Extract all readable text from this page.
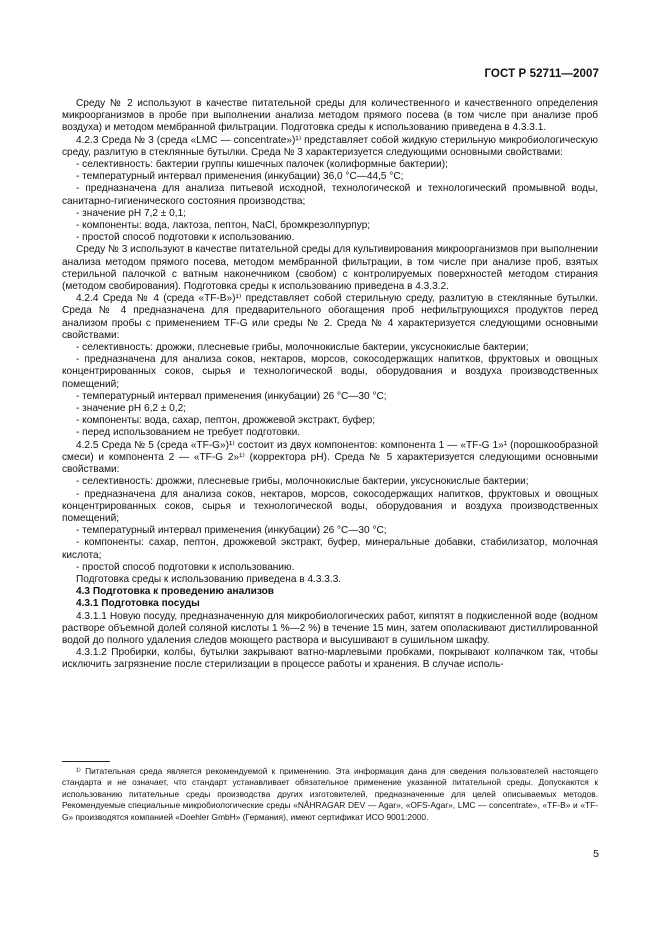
ГОСТ Р 52711—2007

Среду № 2 используют в качестве питательной среды для количественного и качественного определения микроорганизмов в пробе при выполнении анализа методом прямого посева (в том числе при анализе проб воздуха) и методом мембранной фильтрации. Подготовка среды к использованию приведена в 4.3.3.1.

4.2.3 Среда № 3 (среда «LMC — concentrate»)¹⁾ представляет собой жидкую стерильную микробиологическую среду, разлитую в стеклянные бутылки. Среда № 3 характеризуется следующими основными свойствами:

- селективность: бактерии группы кишечных палочек (колиформные бактерии);

- температурный интервал применения (инкубации) 36,0 °С—44,5 °С;

- предназначена для анализа питьевой исходной, технологической и технологический промывной воды, санитарно-гигиенического состояния производства;

- значение рН 7,2 ± 0,1;

- компоненты: вода, лактоза, пептон, NaCl, бромкрезолпурпур;

- простой способ подготовки к использованию.

Среду № 3 используют в качестве питательной среды для культивирования микроорганизмов при выполнении анализа методом прямого посева, методом мембранной фильтрации, в том числе при анализе проб, взятых стерильной палочкой с ватным наконечником (свобом) с контролируемых поверхностей методом стирания (методом свобирования). Подготовка среды к использованию приведена в 4.3.3.2.

4.2.4 Среда № 4 (среда «TF-B»)¹⁾ представляет собой стерильную среду, разлитую в стеклянные бутылки. Среда № 4 предназначена для предварительного обогащения проб нефильтрующихся продуктов перед анализом пробы с применением TF-G или среды № 2. Среда № 4 характеризуется следующими основными свойствами:

- селективность: дрожжи, плесневые грибы, молочнокислые бактерии, уксуснокислые бактерии;

- предназначена для анализа соков, нектаров, морсов, сокосодержащих напитков, фруктовых и овощных концентрированных соков, сырья и технологической воды, оборудования и воздуха производственных помещений;

- температурный интервал применения (инкубации) 26 °С—30 °С;

- значение рН 6,2 ± 0,2;

- компоненты: вода, сахар, пептон, дрожжевой экстракт, буфер;

- перед использованием не требует подготовки.

4.2.5 Среда № 5 (среда «TF-G»)¹⁾ состоит из двух компонентов: компонента 1 — «TF-G 1»¹ (порошкообразной смеси) и компонента 2 — «TF-G 2»¹⁾ (корректора рН). Среда № 5 характеризуется следующими основными свойствами:

- селективность: дрожжи, плесневые грибы, молочнокислые бактерии, уксуснокислые бактерии;

- предназначена для анализа соков, нектаров, морсов, сокосодержащих напитков, фруктовых и овощных концентрированных соков, сырья и технологической воды, оборудования и воздуха производственных помещений;

- температурный интервал применения (инкубации) 26 °С—30 °С;

- компоненты: сахар, пептон, дрожжевой экстракт, буфер, минеральные добавки, стабилизатор, молочная кислота;

- простой способ подготовки к использованию.

Подготовка среды к использованию приведена в 4.3.3.3.

4.3 Подготовка к проведению анализов

4.3.1 Подготовка посуды

4.3.1.1 Новую посуду, предназначенную для микробиологических работ, кипятят в подкисленной воде (водном растворе объемной долей соляной кислоты 1 %—2 %) в течение 15 мин, затем ополаскивают дистиллированной водой до полного удаления следов моющего раствора и высушивают в сушильном шкафу.

4.3.1.2 Пробирки, колбы, бутылки закрывают ватно-марлевыми пробками, покрывают колпачком так, чтобы исключить загрязнение после стерилизации в процессе работы и хранения. В случае исполь-

¹⁾ Питательная среда является рекомендуемой к применению. Эта информация дана для сведения пользователей настоящего стандарта и не означает, что стандарт устанавливает обязательное применение указанной питательной среды. Допускаются к использованию питательные среды производства других изготовителей, предназначенные для целей описываемых методов. Рекомендуемые специальные микробиологические среды «NÅHRAGAR DEV — Agar», «OFS-Agar», LMC — concentrate», «TF-B» и «TF-G» производятся компанией «Doehler GmbH» (Германия), имеют сертификат ИСО 9001:2000.

5
